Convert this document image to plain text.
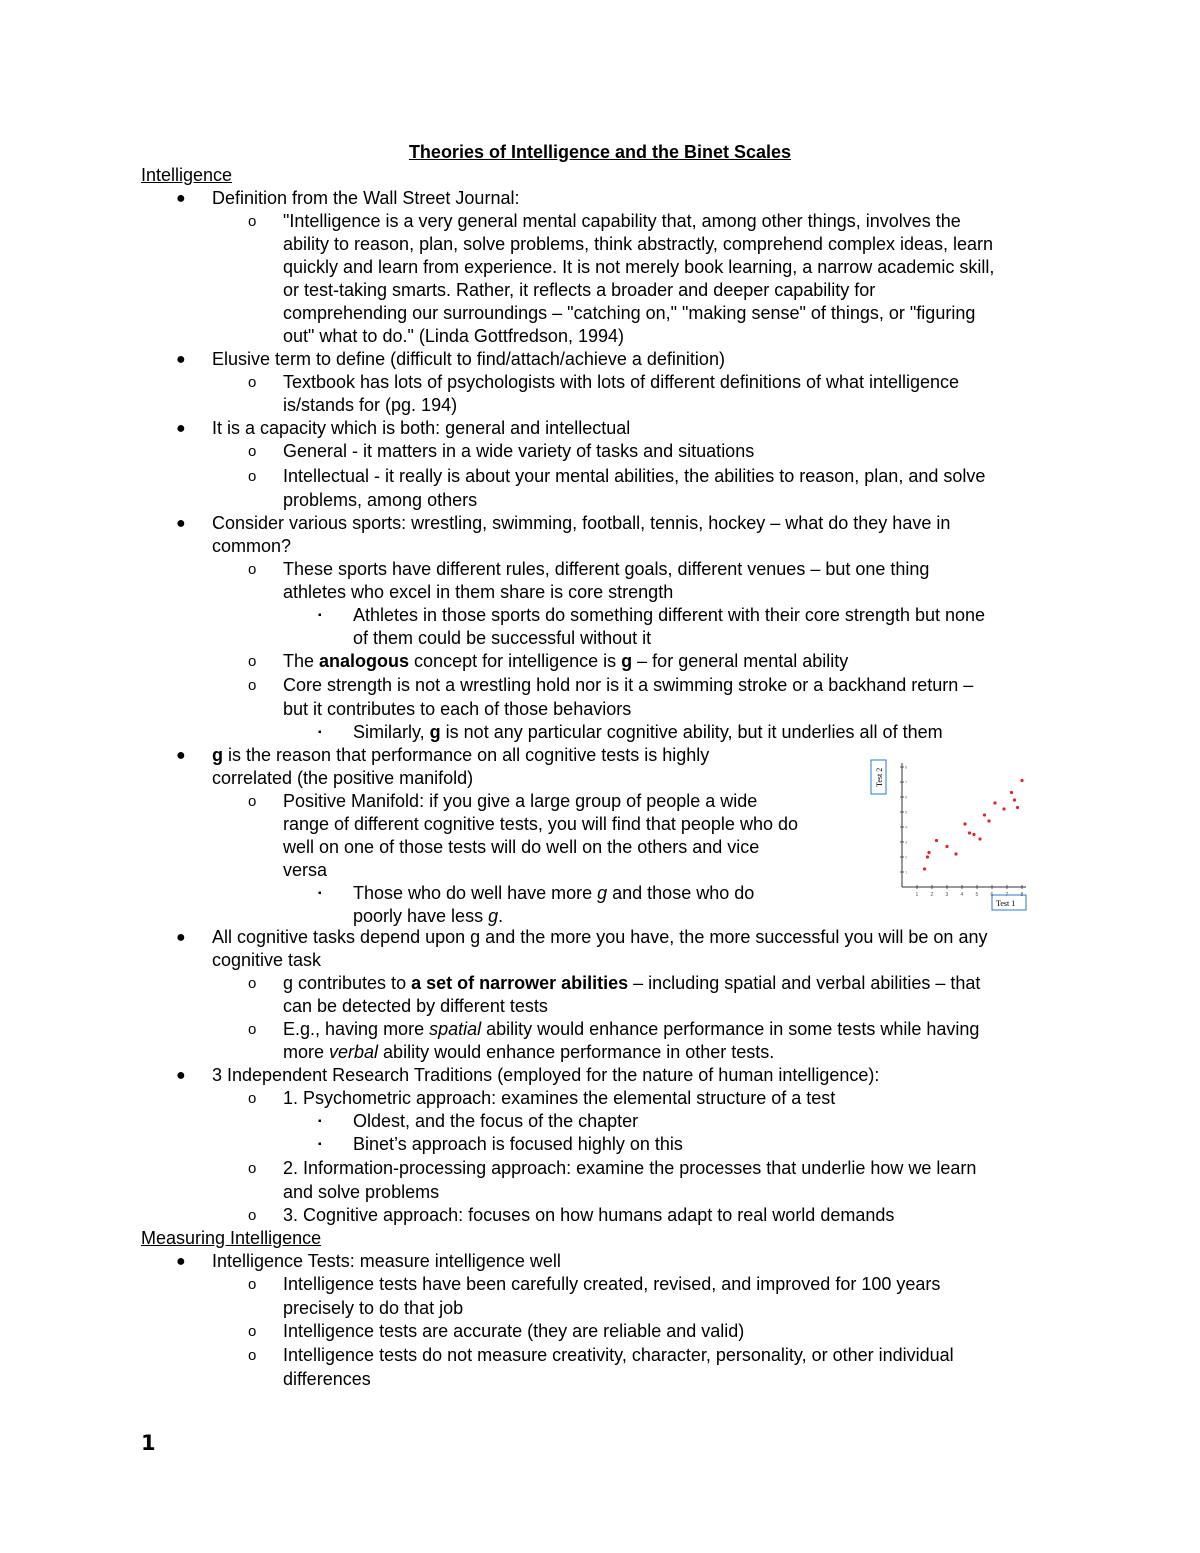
Theories of Intelligence and the Binet Scales
Intelligence
● Definition from the Wall Street Journal:
o "Intelligence is a very general mental capability that, among other things, involves the
ability to reason, plan, solve problems, think abstractly, comprehend complex ideas, learn
quickly and learn from experience. It is not merely book learning, a narrow academic skill,
or test-taking smarts. Rather, it reflects a broader and deeper capability for
comprehending our surroundings – "catching on," "making sense" of things, or "figuring
out" what to do." (Linda Gottfredson, 1994)
● Elusive term to define (difficult to find/attach/achieve a definition)
o Textbook has lots of psychologists with lots of different definitions of what intelligence
is/stands for (pg. 194)
● It is a capacity which is both: general and intellectual
o General - it matters in a wide variety of tasks and situations
o Intellectual - it really is about your mental abilities, the abilities to reason, plan, and solve
problems, among others
● Consider various sports: wrestling, swimming, football, tennis, hockey – what do they have in
common?
o These sports have different rules, different goals, different venues – but one thing
athletes who excel in them share is core strength
▪ Athletes in those sports do something different with their core strength but none
of them could be successful without it
o The analogous concept for intelligence is g – for general mental ability
o Core strength is not a wrestling hold nor is it a swimming stroke or a backhand return –
but it contributes to each of those behaviors
▪ Similarly, g is not any particular cognitive ability, but it underlies all of them
● g is the reason that performance on all cognitive tests is highly
correlated (the positive manifold)
o Positive Manifold: if you give a large group of people a wide
range of different cognitive tests, you will find that people who do
well on one of those tests will do well on the others and vice
versa
▪ Those who do well have more g and those who do
poorly have less g.
● All cognitive tasks depend upon g and the more you have, the more successful you will be on any
cognitive task
o g contributes to a set of narrower abilities – including spatial and verbal abilities – that
can be detected by different tests
o E.g., having more spatial ability would enhance performance in some tests while having
more verbal ability would enhance performance in other tests.
● 3 Independent Research Traditions (employed for the nature of human intelligence):
o 1. Psychometric approach: examines the elemental structure of a test
▪ Oldest, and the focus of the chapter
▪ Binet’s approach is focused highly on this
o 2. Information-processing approach: examine the processes that underlie how we learn
and solve problems
o 3. Cognitive approach: focuses on how humans adapt to real world demands
Measuring Intelligence
● Intelligence Tests: measure intelligence well
o Intelligence tests have been carefully created, revised, and improved for 100 years
precisely to do that job
o Intelligence tests are accurate (they are reliable and valid)
o Intelligence tests do not measure creativity, character, personality, or other individual
differences
Test 2
Test 1
1 2 3 4 5 6 7 8
1
2
3
4
5
6
7
8
1
